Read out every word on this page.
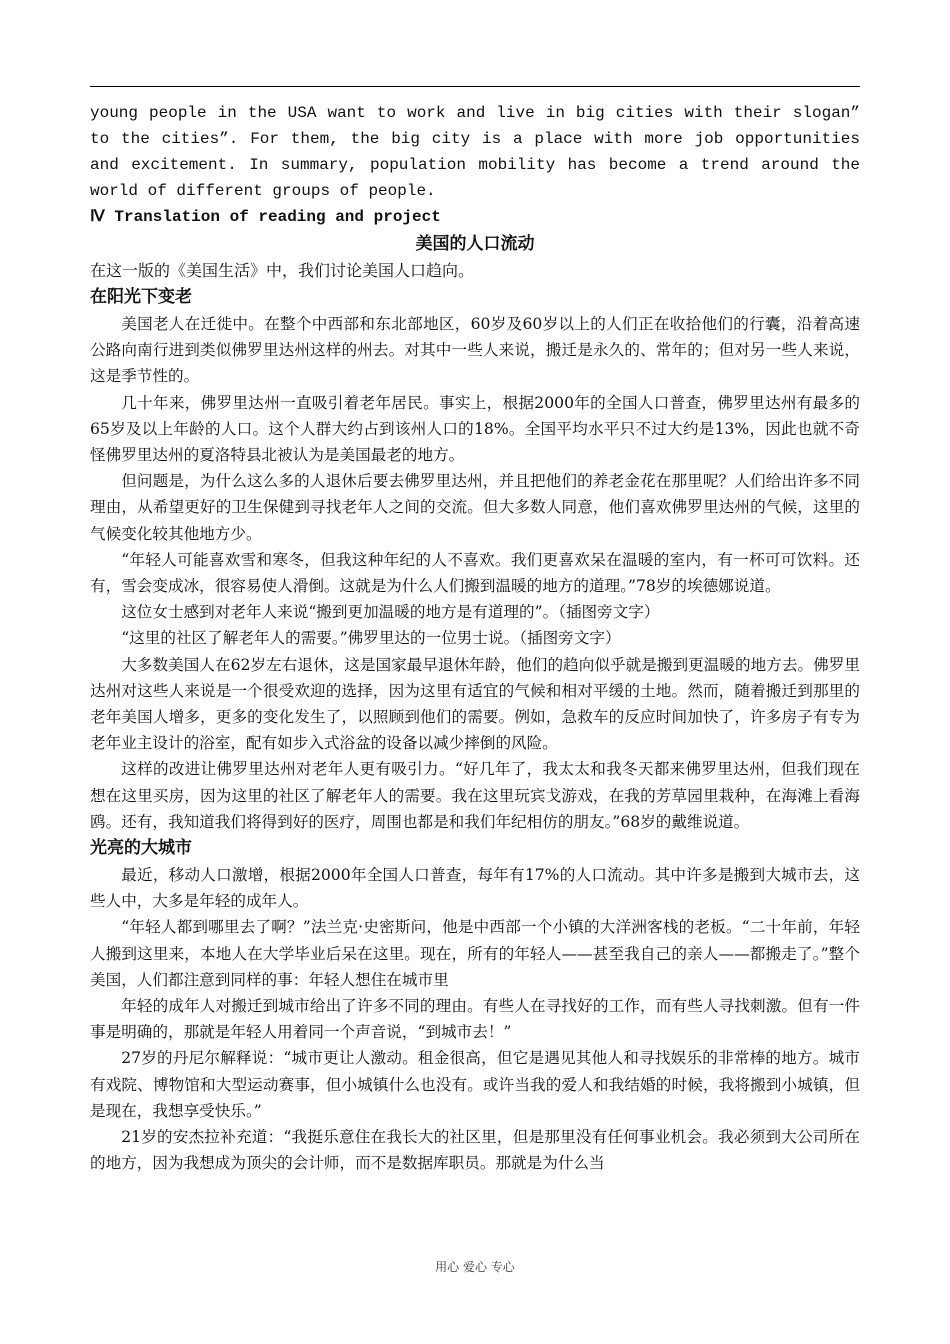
young people in the USA want to work and live in big cities with their slogan” to the cities”. For them, the big city is a place with more job opportunities and excitement. In summary, population mobility has become a trend around the world of different groups of people.

Ⅳ Translation of reading and project

美国的人口流动

在这一版的《美国生活》中，我们讨论美国人口趋向。

在阳光下变老

美国老人在迁徙中。在整个中西部和东北部地区，60岁及60岁以上的人们正在收拾他们的行囊，沿着高速公路向南行进到类似佛罗里达州这样的州去。对其中一些人来说，搬迁是永久的、常年的；但对另一些人来说，这是季节性的。

几十年来，佛罗里达州一直吸引着老年居民。事实上，根据2000年的全国人口普查，佛罗里达州有最多的65岁及以上年龄的人口。这个人群大约占到该州人口的18%。全国平均水平只不过大约是13%，因此也就不奇怪佛罗里达州的夏洛特县北被认为是美国最老的地方。

但问题是，为什么这么多的人退休后要去佛罗里达州，并且把他们的养老金花在那里呢？人们给出许多不同理由，从希望更好的卫生保健到寻找老年人之间的交流。但大多数人同意，他们喜欢佛罗里达州的气候，这里的气候变化较其他地方少。

“年轻人可能喜欢雪和寒冬，但我这种年纪的人不喜欢。我们更喜欢呆在温暖的室内，有一杯可可饮料。还有，雪会变成冰，很容易使人滑倒。这就是为什么人们搬到温暖的地方的道理。”78岁的埃德娜说道。

这位女士感到对老年人来说“搬到更加温暖的地方是有道理的”。（插图旁文字）

“这里的社区了解老年人的需要。”佛罗里达的一位男士说。（插图旁文字）

大多数美国人在62岁左右退休，这是国家最早退休年龄，他们的趋向似乎就是搬到更温暖的地方去。佛罗里达州对这些人来说是一个很受欢迎的选择，因为这里有适宜的气候和相对平缓的土地。然而，随着搬迁到那里的老年美国人增多，更多的变化发生了，以照顾到他们的需要。例如，急救车的反应时间加快了，许多房子有专为老年业主设计的浴室，配有如步入式浴盆的设备以减少摔倒的风险。

这样的改进让佛罗里达州对老年人更有吸引力。“好几年了，我太太和我冬天都来佛罗里达州，但我们现在想在这里买房，因为这里的社区了解老年人的需要。我在这里玩宾戈游戏，在我的芳草园里栽种，在海滩上看海鸥。还有，我知道我们将得到好的医疗，周围也都是和我们年纪相仿的朋友。”68岁的戴维说道。

光亮的大城市

最近，移动人口激增，根据2000年全国人口普查，每年有17%的人口流动。其中许多是搬到大城市去，这些人中，大多是年轻的成年人。

“年轻人都到哪里去了啊？”法兰克·史密斯问，他是中西部一个小镇的大洋洲客栈的老板。“二十年前，年轻人搬到这里来，本地人在大学毕业后呆在这里。现在，所有的年轻人——甚至我自己的亲人——都搬走了。”整个美国，人们都注意到同样的事：年轻人想住在城市里

年轻的成年人对搬迁到城市给出了许多不同的理由。有些人在寻找好的工作，而有些人寻找刺激。但有一件事是明确的，那就是年轻人用着同一个声音说，“到城市去！”

27岁的丹尼尔解释说：“城市更让人激动。租金很高，但它是遇见其他人和寻找娱乐的非常棒的地方。城市有戏院、博物馆和大型运动赛事，但小城镇什么也没有。或许当我的爱人和我结婚的时候，我将搬到小城镇，但是现在，我想享受快乐。”

21岁的安杰拉补充道：“我挺乐意住在我长大的社区里，但是那里没有任何事业机会。我必须到大公司所在的地方，因为我想成为顶尖的会计师，而不是数据库职员。那就是为什么当

用心 爱心 专心
